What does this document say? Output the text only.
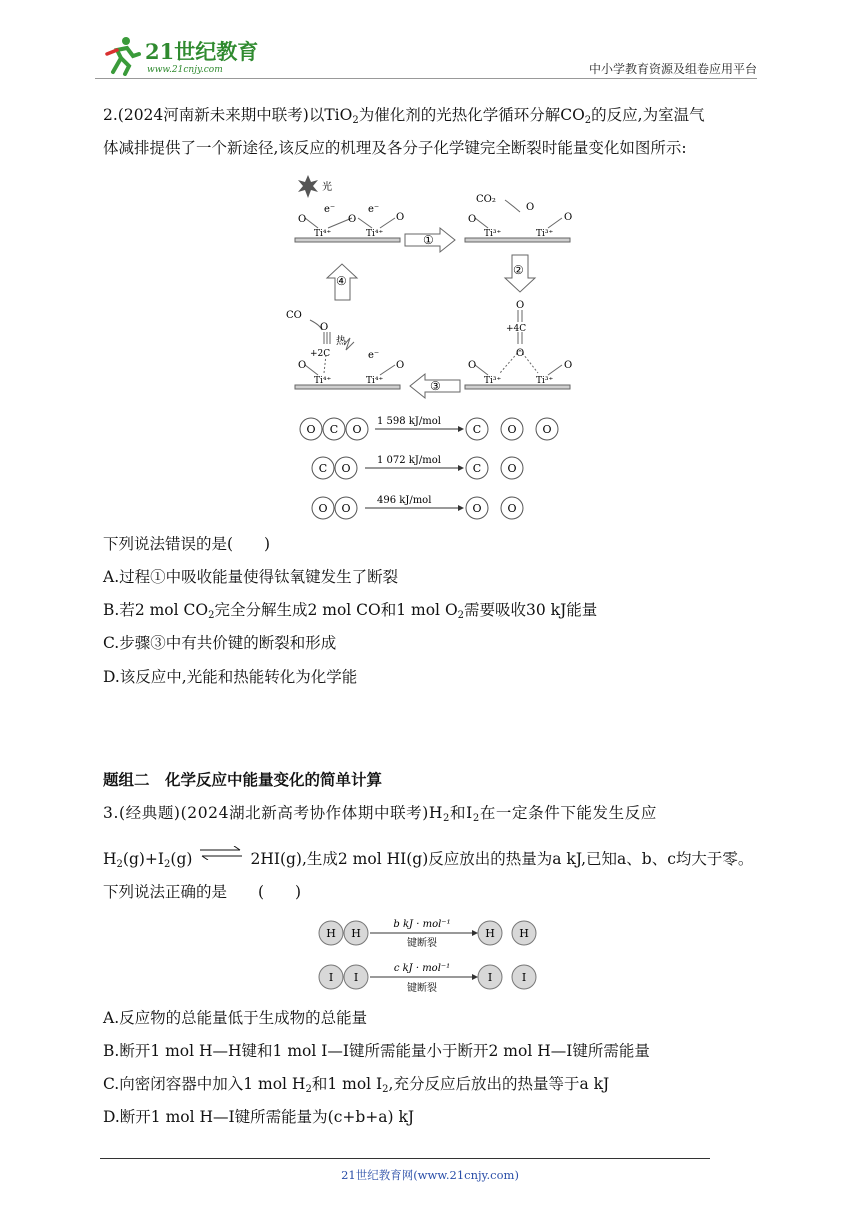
21世纪教育
www.21cnjy.com	中小学教育资源及组卷应用平台
2.(2024河南新未来期中联考)以TiO$_2$为催化剂的光热化学循环分解$CO_2$的反应,为室温气
体减排提供了一个新途径,该反应的机理及各分子化学键完全断裂时能量变化如图所示:
光
e⁻	e⁻
O	O	O
Ti⁴⁺	Ti⁴⁺
CO₂
O
O	O
Ti³⁺	Ti³⁺
①
②
③
④
O
+4C
O
O	O
Ti³⁺	Ti³⁺
CO
O
热
+2C	e⁻
O	O
Ti⁴⁺	Ti⁴⁺
O C O	C O O
C O	C O
O O	O O
1 598 kJ/mol
1 072 kJ/mol
496 kJ/mol
下列说法错误的是(　　)
A.过程①中吸收能量使得钛氧键发生了断裂
B.若2 mol $CO_2$完全分解生成2 mol CO和1 mol $O_2$需要吸收30 kJ能量
C.步骤③中有共价键的断裂和形成
D.该反应中,光能和热能转化为化学能
题组二　化学反应中能量变化的简单计算
3.(经典题)(2024湖北新高考协作体期中联考)$H_2$和$I_2$在一定条件下能发生反应
$H_2(g)+I_2(g)$ ⇌ 2HI(g),生成2 mol HI(g)反应放出的热量为a kJ,已知a、b、c均大于零。
下列说法正确的是　　(　　)
H H	H H
I I	I	I
b kJ · mol⁻¹
键断裂
c kJ · mol⁻¹
键断裂
A.反应物的总能量低于生成物的总能量
B.断开1 mol H—H键和1 mol I—I键所需能量小于断开2 mol H—I键所需能量
C.向密闭容器中加入1 mol $H_2$和1 mol $I_2$,充分反应后放出的热量等于a kJ
D.断开1 mol H—I键所需能量为(c+b+a) kJ
21世纪教育网(www.21cnjy.com)
